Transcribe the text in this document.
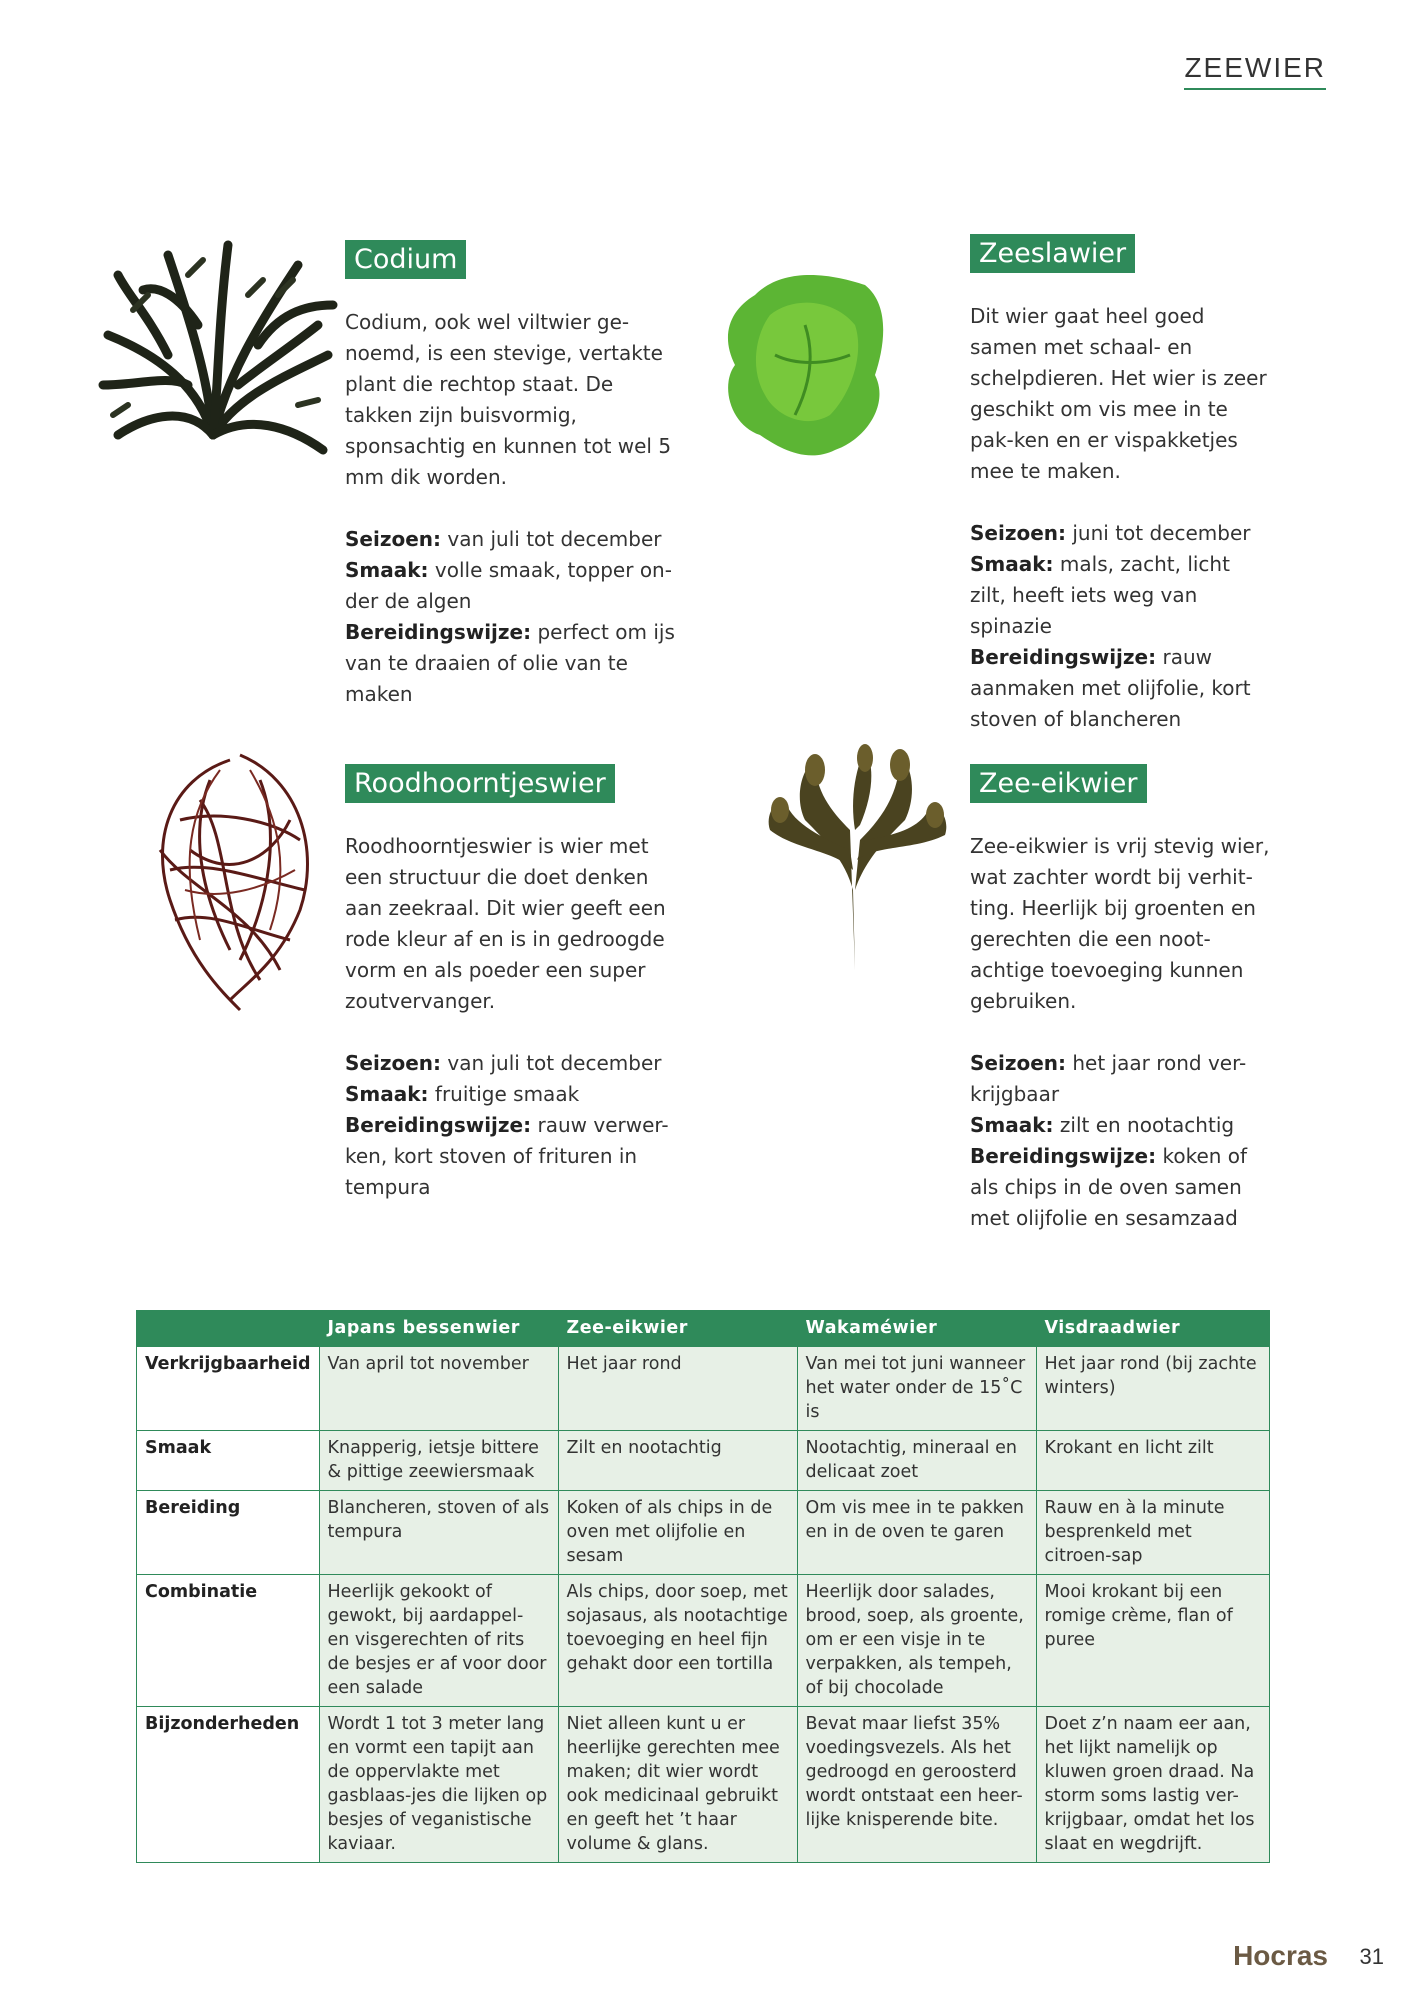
ZEEWIER
Codium

Codium, ook wel viltwier ge-noemd, is een stevige, vertakte plant die rechtop staat. De takken zijn buisvormig, sponsachtig en kunnen tot wel 5 mm dik worden.

Seizoen: van juli tot december
Smaak: volle smaak, topper on-der de algen
Bereidingswijze: perfect om ijs van te draaien of olie van te maken

Zeeslawier

Dit wier gaat heel goed samen met schaal- en schelpdieren. Het wier is zeer geschikt om vis mee in te pak-ken en er vispakketjes mee te maken.

Seizoen: juni tot december
Smaak: mals, zacht, licht zilt, heeft iets weg van spinazie
Bereidingswijze: rauw aanmaken met olijfolie, kort stoven of blancheren

Roodhoorntjeswier

Roodhoorntjeswier is wier met een structuur die doet denken aan zeekraal. Dit wier geeft een rode kleur af en is in gedroogde vorm en als poeder een super zoutvervanger.

Seizoen: van juli tot december
Smaak: fruitige smaak
Bereidingswijze: rauw verwer-ken, kort stoven of frituren in tempura

Zee-eikwier

Zee-eikwier is vrij stevig wier, wat zachter wordt bij verhit-ting. Heerlijk bij groenten en gerechten die een noot-achtige toevoeging kunnen gebruiken.

Seizoen: het jaar rond ver-krijgbaar
Smaak: zilt en nootachtig
Bereidingswijze: koken of als chips in de oven samen met olijfolie en sesamzaad

	Japans bessenwier	Zee-eikwier	Wakaméwier	Visdraadwier
Verkrijgbaarheid	Van april tot november	Het jaar rond	Van mei tot juni wanneer het water onder de 15˚C is	Het jaar rond (bij zachte winters)
Smaak	Knapperig, ietsje bittere & pittige zeewiersmaak	Zilt en nootachtig	Nootachtig, mineraal en delicaat zoet	Krokant en licht zilt
Bereiding	Blancheren, stoven of als tempura	Koken of als chips in de oven met olijfolie en sesam	Om vis mee in te pakken en in de oven te garen	Rauw en à la minute besprenkeld met citroen-sap
Combinatie	Heerlijk gekookt of gewokt, bij aardappel- en visgerechten of rits de besjes er af voor door een salade	Als chips, door soep, met sojasaus, als nootachtige toevoeging en heel fijn gehakt door een tortilla	Heerlijk door salades, brood, soep, als groente, om er een visje in te verpakken, als tempeh, of bij chocolade	Mooi krokant bij een romige crème, flan of puree
Bijzonderheden	Wordt 1 tot 3 meter lang en vormt een tapijt aan de oppervlakte met gasblaas-jes die lijken op besjes of veganistische kaviaar.	Niet alleen kunt u er heerlijke gerechten mee maken; dit wier wordt ook medicinaal gebruikt en geeft het ’t haar volume & glans.	Bevat maar liefst 35% voedingsvezels. Als het gedroogd en geroosterd wordt ontstaat een heer-lijke knisperende bite.	Doet z’n naam eer aan, het lijkt namelijk op kluwen groen draad. Na storm soms lastig ver-krijgbaar, omdat het los slaat en wegdrijft.
Hocras 31
